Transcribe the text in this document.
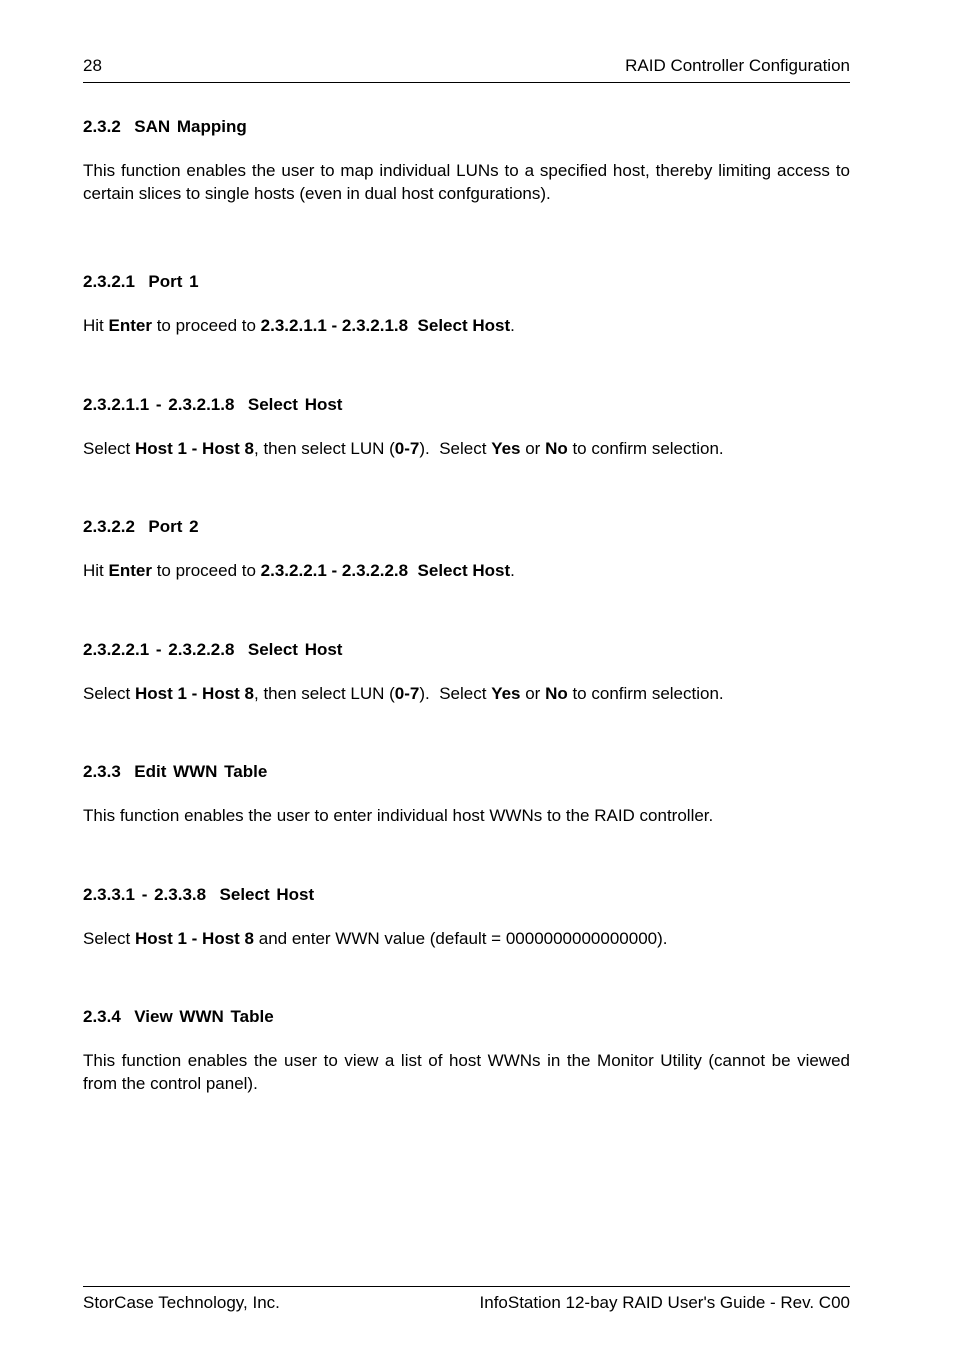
28	RAID Controller Configuration
2.3.2  SAN Mapping
This function enables the user to map individual LUNs to a specified host, thereby limiting access to certain slices to single hosts (even in dual host confgurations).
2.3.2.1  Port 1
Hit Enter to proceed to 2.3.2.1.1 - 2.3.2.1.8  Select Host.
2.3.2.1.1 - 2.3.2.1.8  Select Host
Select Host 1 - Host 8, then select LUN (0-7).  Select Yes or No to confirm selection.
2.3.2.2  Port 2
Hit Enter to proceed to 2.3.2.2.1 - 2.3.2.2.8  Select Host.
2.3.2.2.1 - 2.3.2.2.8  Select Host
Select Host 1 - Host 8, then select LUN (0-7).  Select Yes or No to confirm selection.
2.3.3  Edit WWN Table
This function enables the user to enter individual host WWNs to the RAID controller.
2.3.3.1 - 2.3.3.8  Select Host
Select Host 1 - Host 8 and enter WWN value (default = 0000000000000000).
2.3.4  View WWN Table
This function enables the user to view a list of host WWNs in the Monitor Utility (cannot be viewed from the control panel).
StorCase Technology, Inc.	InfoStation 12-bay RAID User's Guide - Rev. C00
